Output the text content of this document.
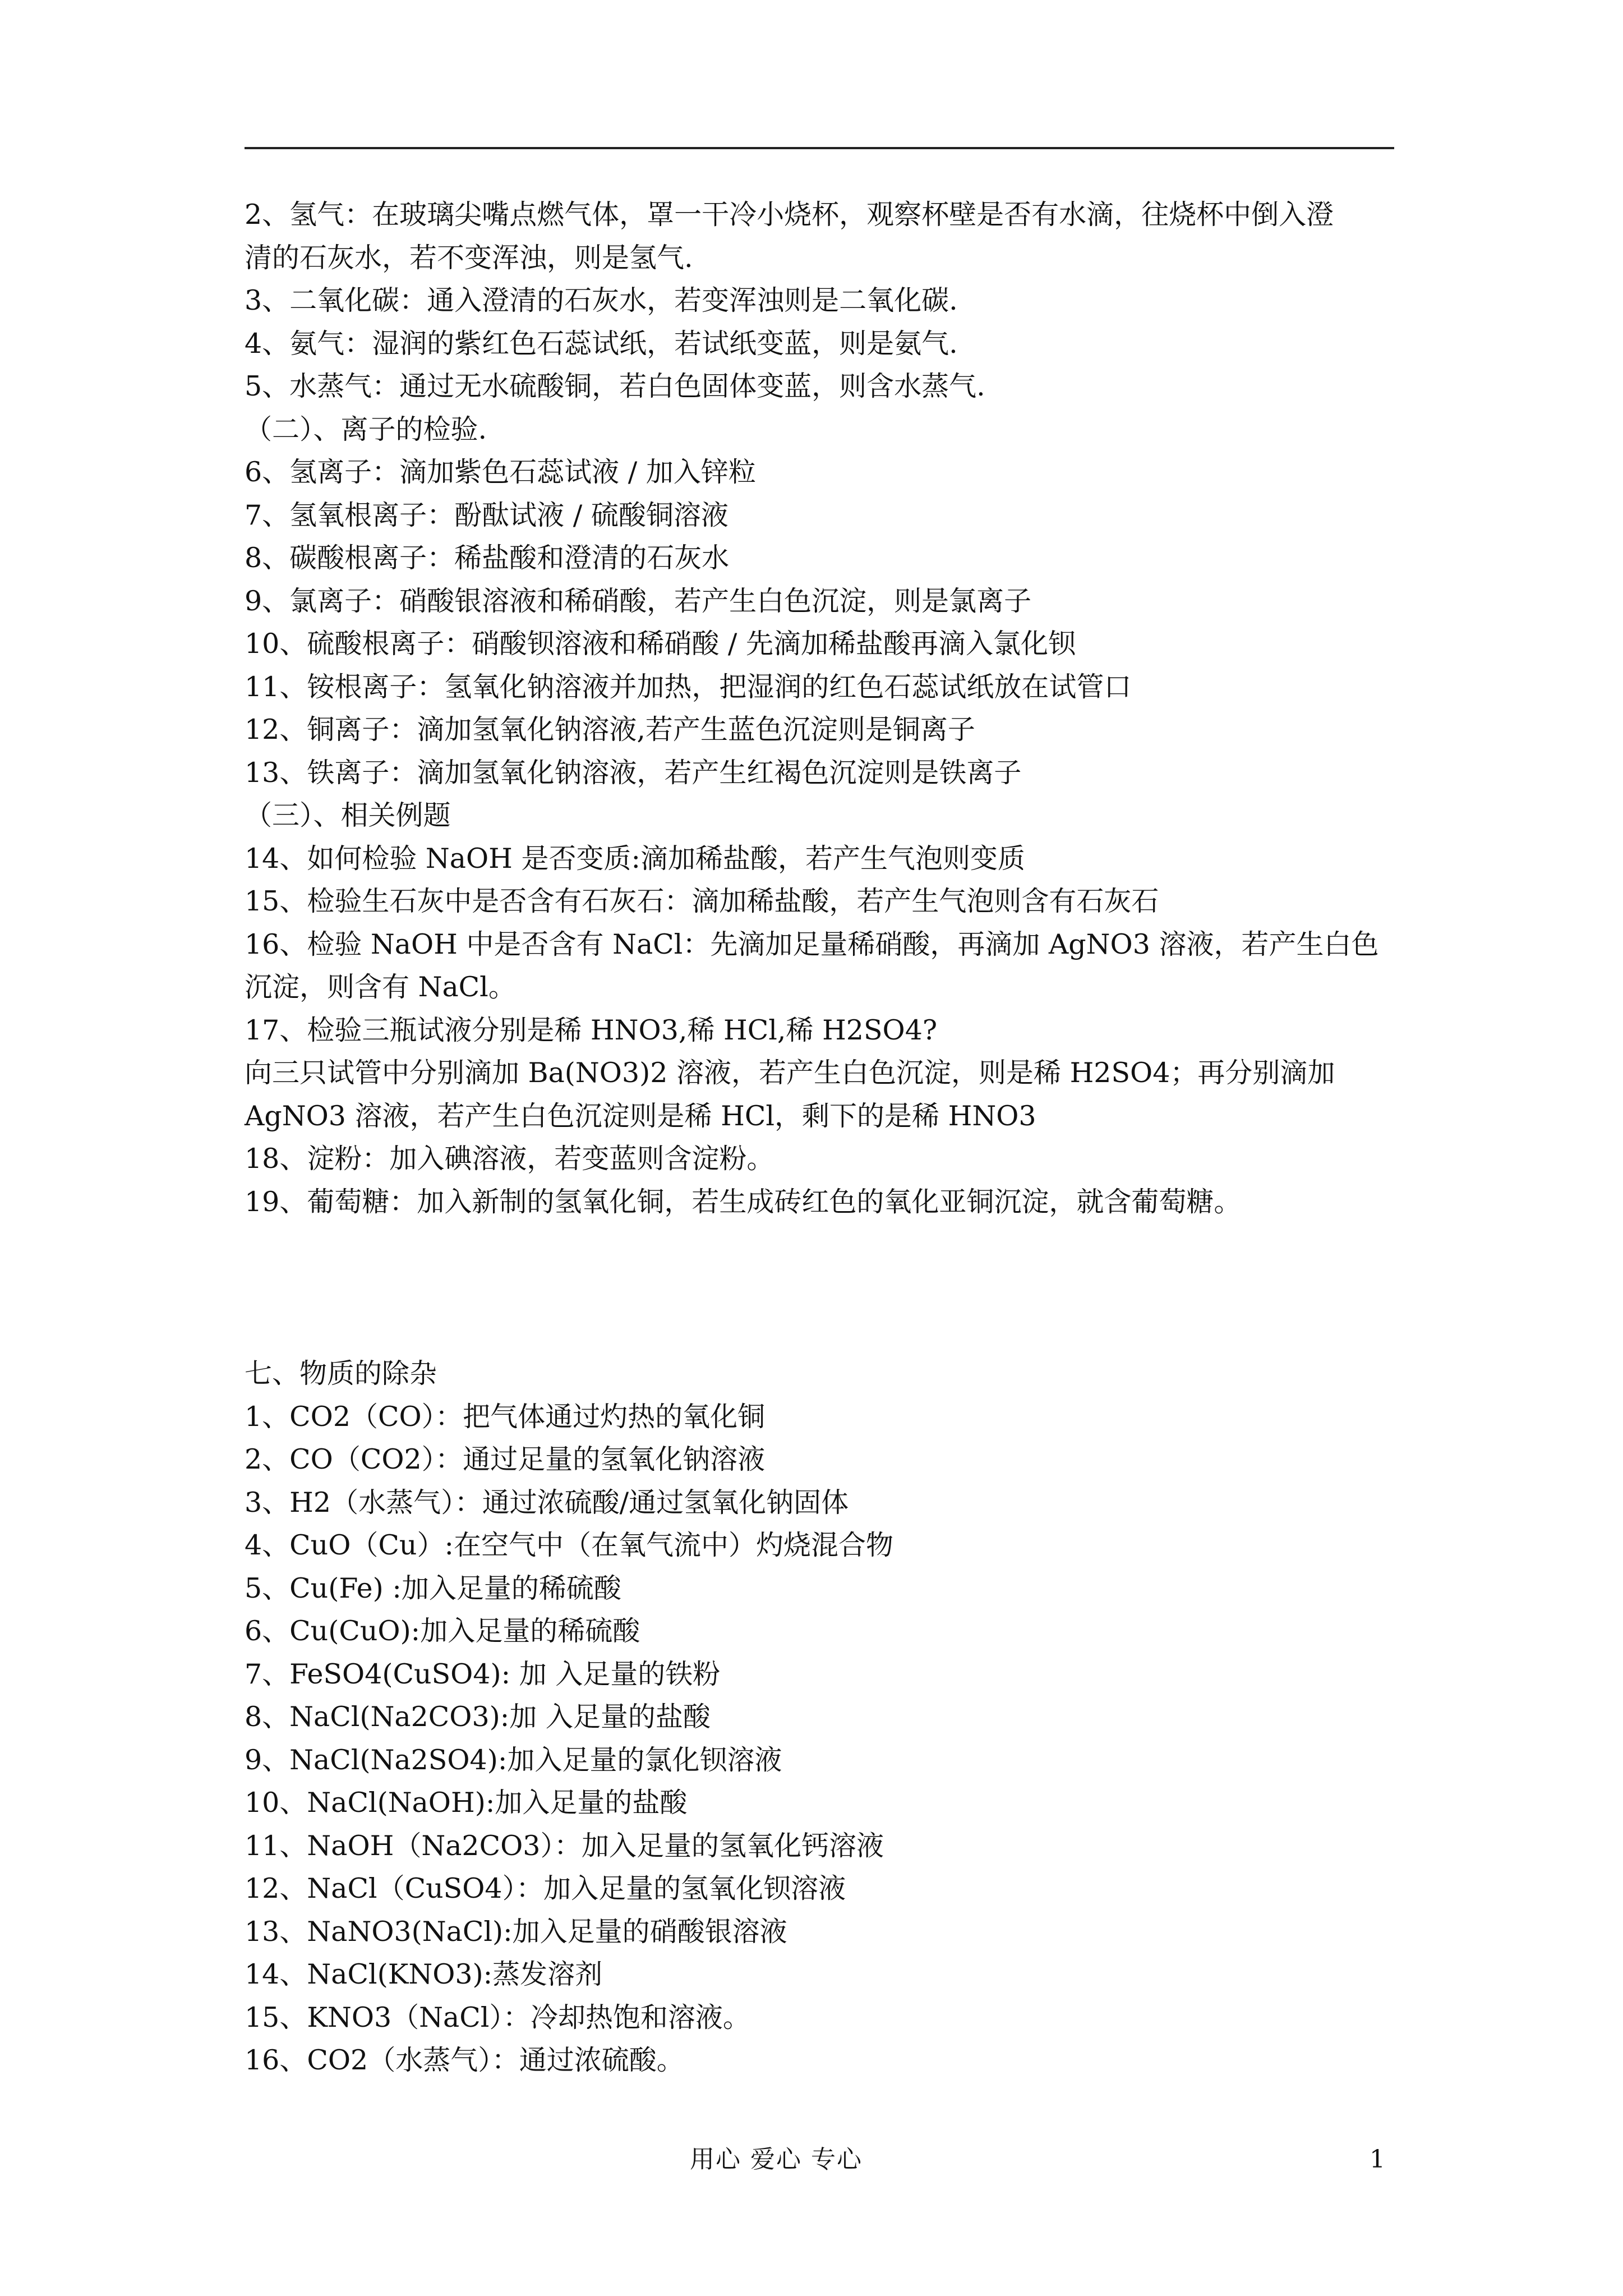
2、氢气：在玻璃尖嘴点燃气体，罩一干冷小烧杯，观察杯壁是否有水滴，往烧杯中倒入澄
清的石灰水，若不变浑浊，则是氢气.
3、二氧化碳：通入澄清的石灰水，若变浑浊则是二氧化碳.
4、氨气：湿润的紫红色石蕊试纸，若试纸变蓝，则是氨气.
5、水蒸气：通过无水硫酸铜，若白色固体变蓝，则含水蒸气.
（二）、离子的检验.
6、氢离子：滴加紫色石蕊试液 / 加入锌粒
7、氢氧根离子：酚酞试液 / 硫酸铜溶液
8、碳酸根离子：稀盐酸和澄清的石灰水
9、氯离子：硝酸银溶液和稀硝酸，若产生白色沉淀，则是氯离子
10、硫酸根离子：硝酸钡溶液和稀硝酸 / 先滴加稀盐酸再滴入氯化钡
11、铵根离子：氢氧化钠溶液并加热，把湿润的红色石蕊试纸放在试管口
12、铜离子：滴加氢氧化钠溶液,若产生蓝色沉淀则是铜离子
13、铁离子：滴加氢氧化钠溶液，若产生红褐色沉淀则是铁离子
（三）、相关例题
14、如何检验 NaOH 是否变质:滴加稀盐酸，若产生气泡则变质
15、检验生石灰中是否含有石灰石：滴加稀盐酸，若产生气泡则含有石灰石
16、检验 NaOH 中是否含有 NaCl：先滴加足量稀硝酸，再滴加 AgNO3 溶液，若产生白色
沉淀，则含有 NaCl。
17、检验三瓶试液分别是稀 HNO3,稀 HCl,稀 H2SO4?
向三只试管中分别滴加 Ba(NO3)2 溶液，若产生白色沉淀，则是稀 H2SO4；再分别滴加
AgNO3 溶液，若产生白色沉淀则是稀 HCl，剩下的是稀 HNO3
18、淀粉：加入碘溶液，若变蓝则含淀粉。
19、葡萄糖：加入新制的氢氧化铜，若生成砖红色的氧化亚铜沉淀，就含葡萄糖。
七、物质的除杂
1、CO2（CO）：把气体通过灼热的氧化铜
2、CO（CO2）：通过足量的氢氧化钠溶液
3、H2（水蒸气）：通过浓硫酸/通过氢氧化钠固体
4、CuO（Cu）:在空气中（在氧气流中）灼烧混合物
5、Cu(Fe) :加入足量的稀硫酸
6、Cu(CuO):加入足量的稀硫酸
7、FeSO4(CuSO4): 加 入足量的铁粉
8、NaCl(Na2CO3):加 入足量的盐酸
9、NaCl(Na2SO4):加入足量的氯化钡溶液
10、NaCl(NaOH):加入足量的盐酸
11、NaOH（Na2CO3）：加入足量的氢氧化钙溶液
12、NaCl（CuSO4）：加入足量的氢氧化钡溶液
13、NaNO3(NaCl):加入足量的硝酸银溶液
14、NaCl(KNO3):蒸发溶剂
15、KNO3（NaCl）：冷却热饱和溶液。
16、CO2（水蒸气）：通过浓硫酸。
用心 爱心 专心	1
